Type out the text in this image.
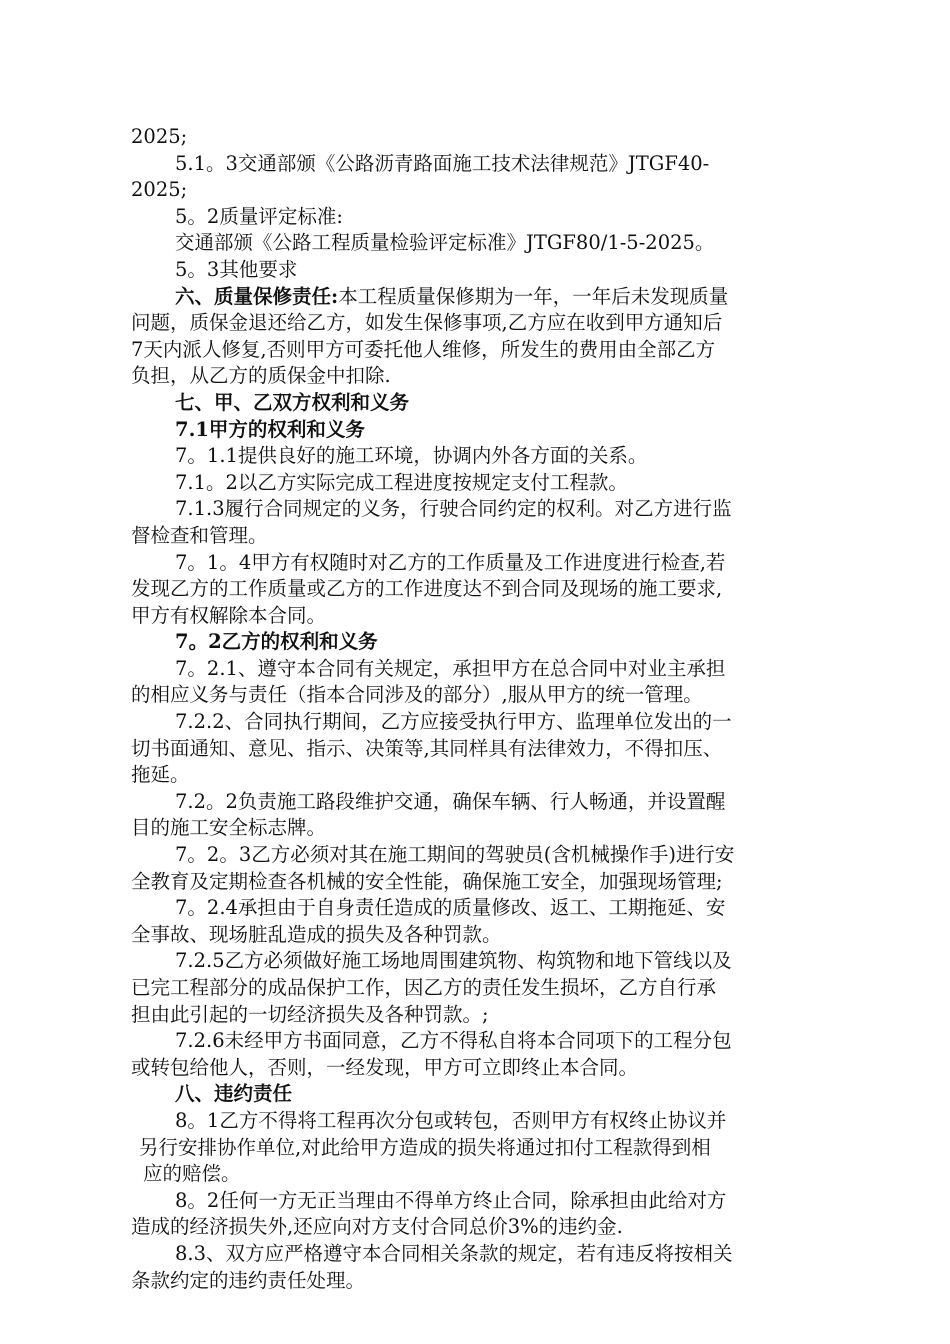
2025;
5.1。3交通部颁《公路沥青路面施工技术法律规范》JTGF40-
2025;
5。2质量评定标准:
交通部颁《公路工程质量检验评定标准》JTGF80/1-5-2025。
5。3其他要求
六、质量保修责任:本工程质量保修期为一年，一年后未发现质量
问题，质保金退还给乙方，如发生保修事项,乙方应在收到甲方通知后
7天内派人修复,否则甲方可委托他人维修，所发生的费用由全部乙方
负担，从乙方的质保金中扣除.
七、甲、乙双方权利和义务
7.1甲方的权利和义务
7。1.1提供良好的施工环境，协调内外各方面的关系。
7.1。2以乙方实际完成工程进度按规定支付工程款。
7.1.3履行合同规定的义务，行驶合同约定的权利。对乙方进行监
督检查和管理。
7。1。4甲方有权随时对乙方的工作质量及工作进度进行检查,若
发现乙方的工作质量或乙方的工作进度达不到合同及现场的施工要求,
甲方有权解除本合同。
7。2乙方的权利和义务
7。2.1、遵守本合同有关规定，承担甲方在总合同中对业主承担
的相应义务与责任（指本合同涉及的部分）,服从甲方的统一管理。
7.2.2、合同执行期间，乙方应接受执行甲方、监理单位发出的一
切书面通知、意见、指示、决策等,其同样具有法律效力，不得扣压、
拖延。
7.2。2负责施工路段维护交通，确保车辆、行人畅通，并设置醒
目的施工安全标志牌。
7。2。3乙方必须对其在施工期间的驾驶员(含机械操作手)进行安
全教育及定期检查各机械的安全性能，确保施工安全，加强现场管理;
7。2.4承担由于自身责任造成的质量修改、返工、工期拖延、安
全事故、现场脏乱造成的损失及各种罚款。
7.2.5乙方必须做好施工场地周围建筑物、构筑物和地下管线以及
已完工程部分的成品保护工作，因乙方的责任发生损坏，乙方自行承
担由此引起的一切经济损失及各种罚款。;
7.2.6未经甲方书面同意，乙方不得私自将本合同项下的工程分包
或转包给他人，否则，一经发现，甲方可立即终止本合同。
八、违约责任
8。1乙方不得将工程再次分包或转包，否则甲方有权终止协议并
另行安排协作单位,对此给甲方造成的损失将通过扣付工程款得到相
应的赔偿。
8。2任何一方无正当理由不得单方终止合同，除承担由此给对方
造成的经济损失外,还应向对方支付合同总价3%的违约金.
8.3、双方应严格遵守本合同相关条款的规定，若有违反将按相关
条款约定的违约责任处理。
